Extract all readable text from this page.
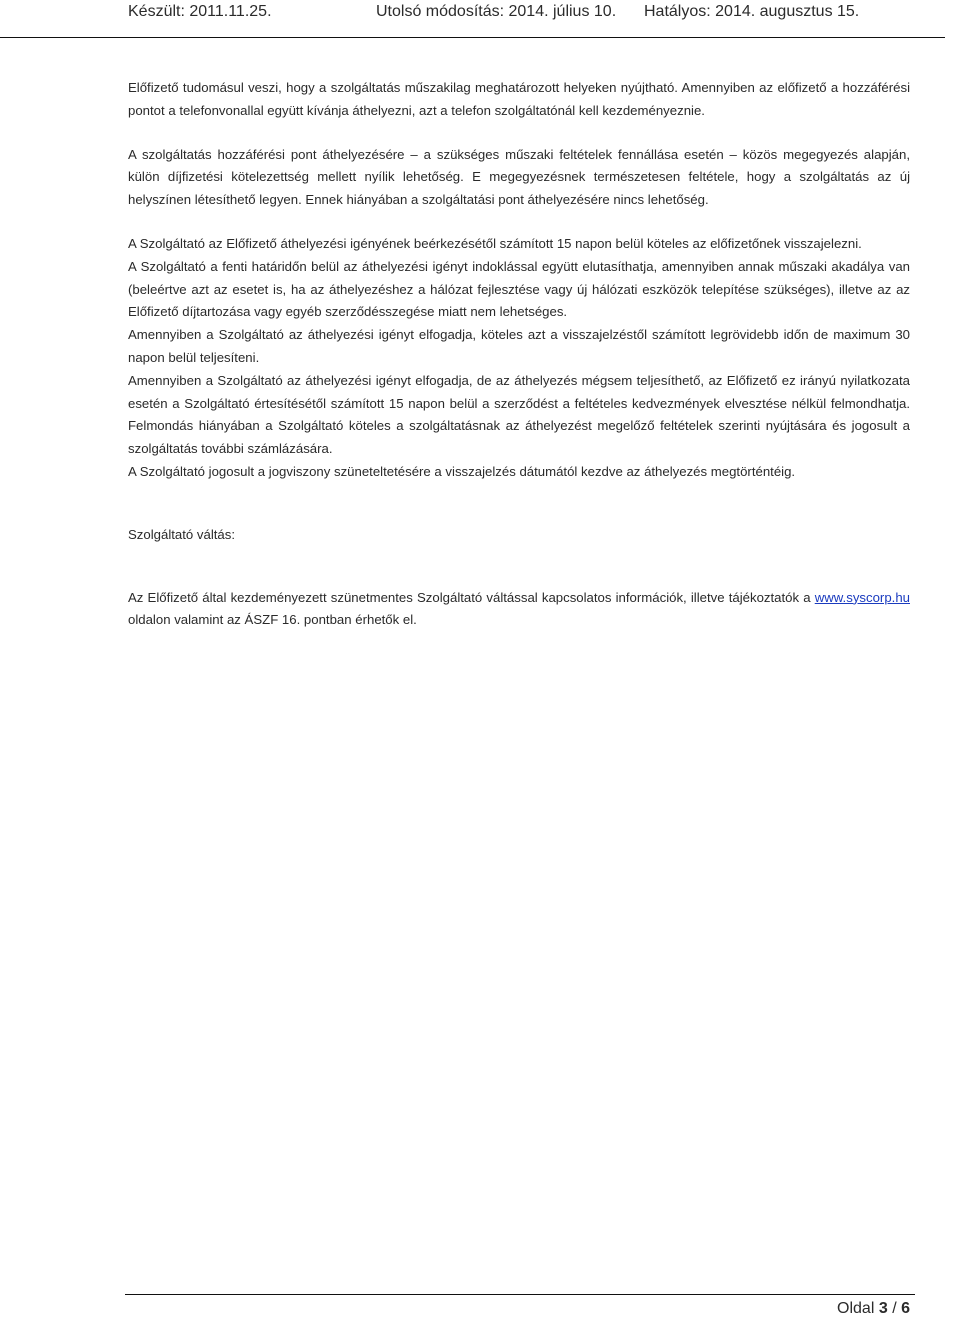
Készült: 2011.11.25.	Utolsó módosítás: 2014. július 10. Hatályos: 2014. augusztus 15.

Előfizető tudomásul veszi, hogy a szolgáltatás műszakilag meghatározott helyeken nyújtható. Amennyiben az előfizető a hozzáférési pontot a telefonvonallal együtt kívánja áthelyezni, azt a telefon szolgáltatónál kell kezdeményeznie.

A szolgáltatás hozzáférési pont áthelyezésére – a szükséges műszaki feltételek fennállása esetén – közös megegyezés alapján, külön díjfizetési kötelezettség mellett nyílik lehetőség. E megegyezésnek természetesen feltétele, hogy a szolgáltatás az új helyszínen létesíthető legyen. Ennek hiányában a szolgáltatási pont áthelyezésére nincs lehetőség.

A Szolgáltató az Előfizető áthelyezési igényének beérkezésétől számított 15 napon belül köteles az előfizetőnek visszajelezni.

A Szolgáltató a fenti határidőn belül az áthelyezési igényt indoklással együtt elutasíthatja, amennyiben annak műszaki akadálya van (beleértve azt az esetet is, ha az áthelyezéshez a hálózat fejlesztése vagy új hálózati eszközök telepítése szükséges), illetve az az Előfizető díjtartozása vagy egyéb szerződésszegése miatt nem lehetséges.

Amennyiben a Szolgáltató az áthelyezési igényt elfogadja, köteles azt a visszajelzéstől számított legrövidebb időn de maximum 30 napon belül teljesíteni.

Amennyiben a Szolgáltató az áthelyezési igényt elfogadja, de az áthelyezés mégsem teljesíthető, az Előfizető ez irányú nyilatkozata esetén a Szolgáltató értesítésétől számított 15 napon belül a szerződést a feltételes kedvezmények elvesztése nélkül felmondhatja. Felmondás hiányában a Szolgáltató köteles a szolgáltatásnak az áthelyezést megelőző feltételek szerinti nyújtására és jogosult a szolgáltatás további számlázására.

A Szolgáltató jogosult a jogviszony szüneteltetésére a visszajelzés dátumától kezdve az áthelyezés megtörténtéig.

Szolgáltató váltás:

Az Előfizető által kezdeményezett szünetmentes Szolgáltató váltással kapcsolatos információk, illetve tájékoztatók a www.syscorp.hu oldalon valamint az ÁSZF 16. pontban érhetők el.

Oldal 3 / 6
